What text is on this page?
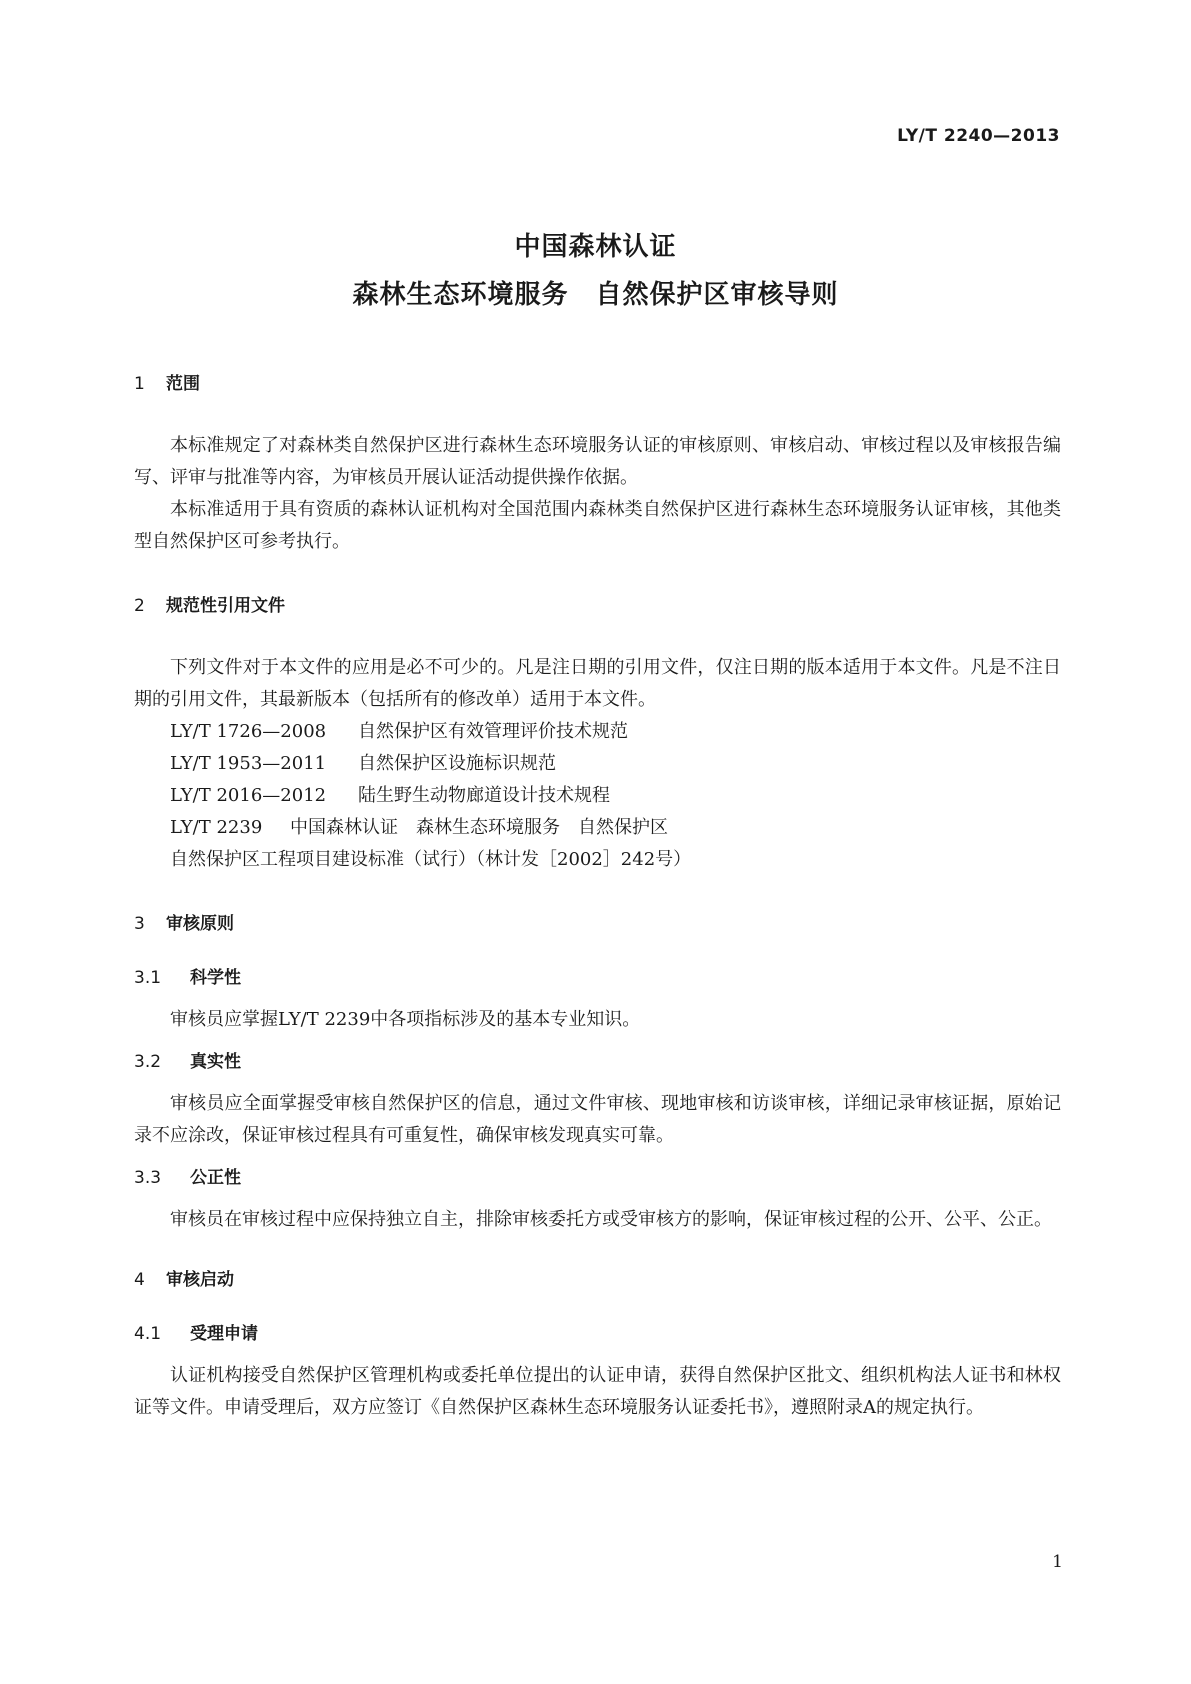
LY/T 2240—2013
中国森林认证
森林生态环境服务　自然保护区审核导则
1 范围

本标准规定了对森林类自然保护区进行森林生态环境服务认证的审核原则、审核启动、审核过程以及审核报告编写、评审与批准等内容，为审核员开展认证活动提供操作依据。

本标准适用于具有资质的森林认证机构对全国范围内森林类自然保护区进行森林生态环境服务认证审核，其他类型自然保护区可参考执行。

2 规范性引用文件

下列文件对于本文件的应用是必不可少的。凡是注日期的引用文件，仅注日期的版本适用于本文件。凡是不注日期的引用文件，其最新版本（包括所有的修改单）适用于本文件。

LY/T 1726—2008 自然保护区有效管理评价技术规范
LY/T 1953—2011 自然保护区设施标识规范
LY/T 2016—2012 陆生野生动物廊道设计技术规程
LY/T 2239 中国森林认证　森林生态环境服务　自然保护区
自然保护区工程项目建设标准（试行）（林计发［2002］242号）
3 审核原则
3.1 科学性

审核员应掌握LY/T 2239中各项指标涉及的基本专业知识。

3.2 真实性

审核员应全面掌握受审核自然保护区的信息，通过文件审核、现地审核和访谈审核，详细记录审核证据，原始记录不应涂改，保证审核过程具有可重复性，确保审核发现真实可靠。

3.3 公正性

审核员在审核过程中应保持独立自主，排除审核委托方或受审核方的影响，保证审核过程的公开、公平、公正。

4 审核启动
4.1 受理申请

认证机构接受自然保护区管理机构或委托单位提出的认证申请，获得自然保护区批文、组织机构法人证书和林权证等文件。申请受理后，双方应签订《自然保护区森林生态环境服务认证委托书》，遵照附录A的规定执行。

1
